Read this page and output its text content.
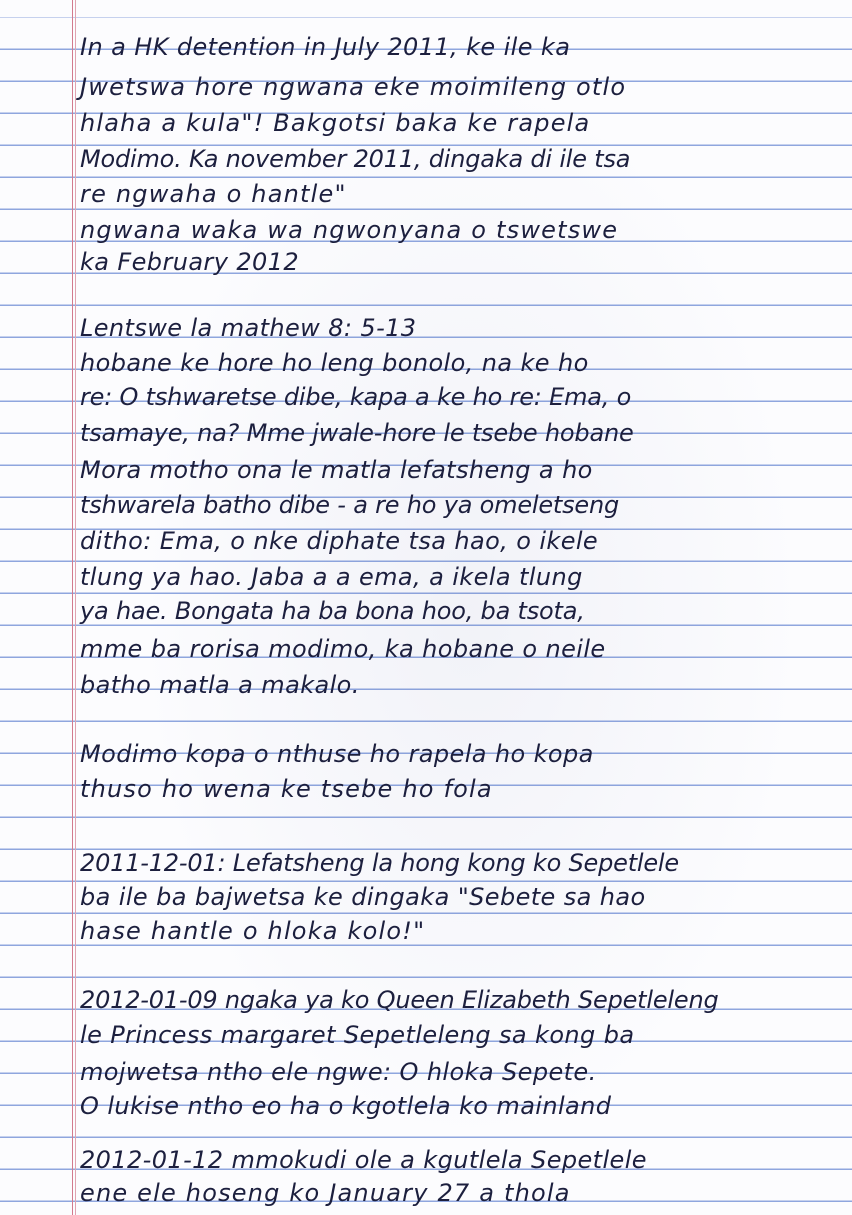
In a HK detention in July 2011, ke ile ka
Jwetswa hore ngwana eke moimileng otlo
hlaha a kula"! Bakgotsi baka ke rapela
Modimo. Ka november 2011, dingaka di ile tsa
re ngwaha o hantle"
ngwana waka wa ngwonyana o tswetswe
ka February 2012
Lentswe la mathew 8: 5-13
hobane ke hore ho leng bonolo, na ke ho
re: O tshwaretse dibe, kapa a ke ho re: Ema, o
tsamaye, na? Mme jwale-hore le tsebe hobane
Mora motho ona le matla lefatsheng a ho
tshwarela batho dibe - a re ho ya omeletseng
ditho: Ema, o nke diphate tsa hao, o ikele
tlung ya hao. Jaba a a ema, a ikela tlung
ya hae. Bongata ha ba bona hoo, ba tsota,
mme ba rorisa modimo, ka hobane o neile
batho matla a makalo.
Modimo kopa o nthuse ho rapela ho kopa
thuso ho wena ke tsebe ho fola
2011-12-01: Lefatsheng la hong kong ko Sepetlele
ba ile ba bajwetsa ke dingaka "Sebete sa hao
hase hantle o hloka kolo!"
2012-01-09 ngaka ya ko Queen Elizabeth Sepetleleng
le Princess margaret Sepetleleng sa kong ba
mojwetsa ntho ele ngwe: O hloka Sepete.
O lukise ntho eo ha o kgotlela ko mainland
2012-01-12 mmokudi ole a kgutlela Sepetlele
ene ele hoseng ko January 27 a thola
